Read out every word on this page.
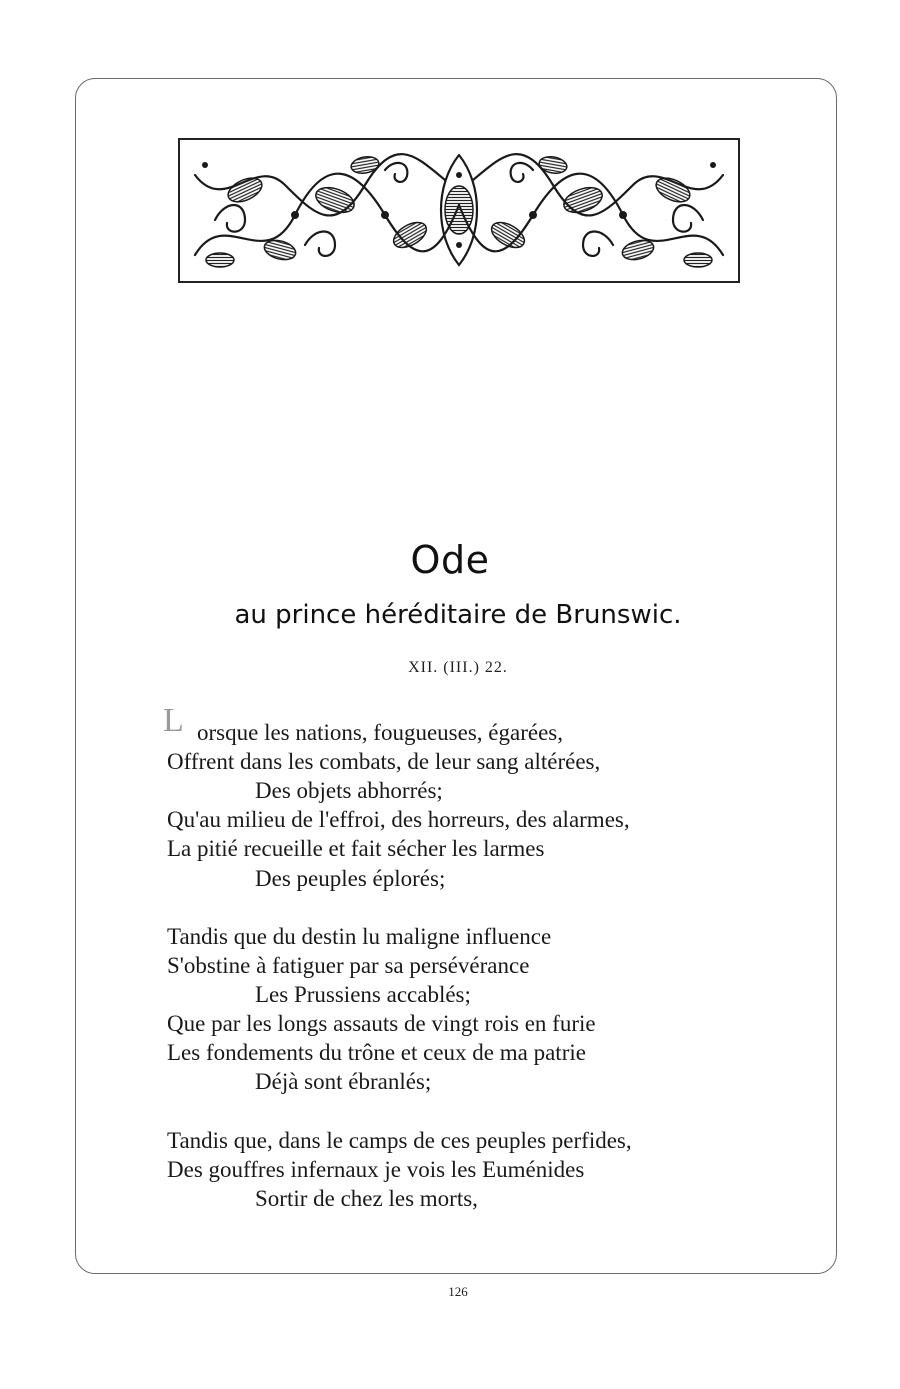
Ode
au prince héréditaire de Brunswic.
XII. (III.) 22.
L orsque les nations, fougueuses, égarées,
Offrent dans les combats, de leur sang altérées,
Des objets abhorrés;
Qu'au milieu de l'effroi, des horreurs, des alarmes,
La pitié recueille et fait sécher les larmes
Des peuples éplorés;
Tandis que du destin lu maligne influence
S'obstine à fatiguer par sa persévérance
Les Prussiens accablés;
Que par les longs assauts de vingt rois en furie
Les fondements du trône et ceux de ma patrie
Déjà sont ébranlés;
Tandis que, dans le camps de ces peuples perfides,
Des gouffres infernaux je vois les Euménides
Sortir de chez les morts,
126
